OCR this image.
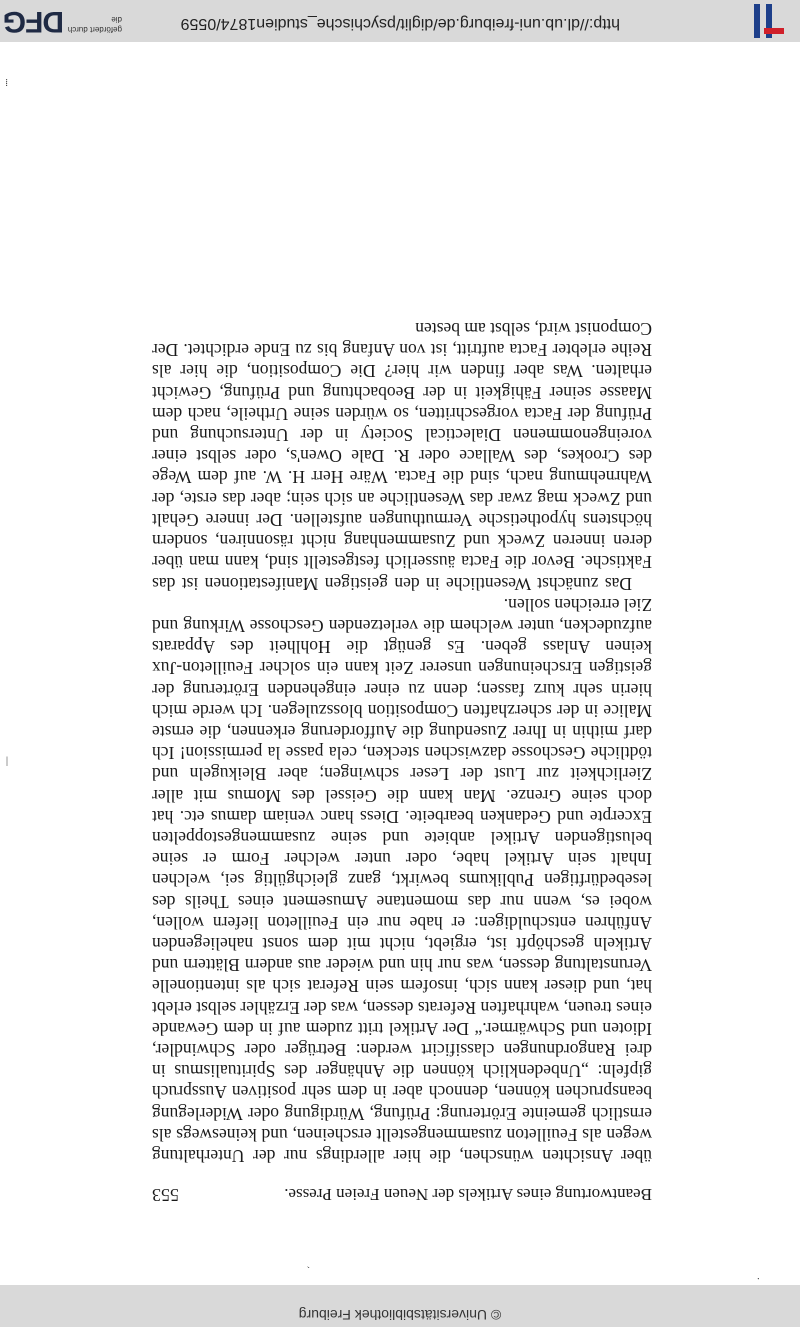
© Universitätsbibliothek Freiburg
Beantwortung eines Artikels der Neuen Freien Presse.
553

über Ansichten wünschen, die hier allerdings nur der Unterhaltung wegen als Feuilleton zusammengestellt erscheinen, und keineswegs als ernstlich gemeinte Erörterung: Prüfung, Würdigung oder Widerlegung beanspruchen können, dennoch aber in dem sehr positiven Ausspruch gipfeln: „Unbedenklich können die Anhänger des Spiritualismus in drei Rangordnungen classificirt werden: Betrüger oder Schwindler, Idioten und Schwärmer.“ Der Artikel tritt zudem auf in dem Gewande eines treuen, wahrhaften Referats dessen, was der Erzähler selbst erlebt hat, und dieser kann sich, insofern sein Referat sich als intentionelle Verunstaltung dessen, was nur hin und wieder aus andern Blättern und Artikeln geschöpft ist, ergiebt, nicht mit dem sonst naheliegenden Anführen entschuldigen: er habe nur ein Feuilleton liefern wollen, wobei es, wenn nur das momentane Amusement eines Theils des lesebedürftigen Publikums bewirkt, ganz gleichgültig sei, welchen Inhalt sein Artikel habe, oder unter welcher Form er seine belustigenden Artikel anbiete und seine zusammengestoppelten Excerpte und Gedanken bearbeite. Diess hanc veniam damus etc. hat doch seine Grenze. Man kann die Geissel des Momus mit aller Zierlichkeit zur Lust der Leser schwingen; aber Bleikugeln und tödtliche Geschosse dazwischen stecken, cela passe la permission! Ich darf mithin in Ihrer Zusendung die Aufforderung erkennen, die ernste Malice in der scherzhaften Composition blosszulegen. Ich werde mich hierin sehr kurz fassen; denn zu einer eingehenden Erörterung der geistigen Erscheinungen unserer Zeit kann ein solcher Feuilleton-Jux keinen Anlass geben. Es genügt die Hohlheit des Apparats aufzudecken, unter welchem die verletzenden Geschosse Wirkung und Ziel erreichen sollen.

Das zunächst Wesentliche in den geistigen Manifestationen ist das Faktische. Bevor die Facta äusserlich festgestellt sind, kann man über deren inneren Zweck und Zusammenhang nicht räsonniren, sondern höchstens hypothetische Vermuthungen aufstellen. Der innere Gehalt und Zweck mag zwar das Wesentliche an sich sein; aber das erste, der Wahrnehmung nach, sind die Facta. Wäre Herr H. W. auf dem Wege des Crookes, des Wallace oder R. Dale Owen's, oder selbst einer voreingenommenen Dialectical Society in der Untersuchung und Prüfung der Facta vorgeschritten, so würden seine Urtheile, nach dem Maasse seiner Fähigkeit in der Beobachtung und Prüfung, Gewicht erhalten. Was aber finden wir hier? Die Composition, die hier als Reihe erlebter Facta auftritt, ist von Anfang bis zu Ende erdichtet. Der Componist wird, selbst am besten

·
ˏ
|
⁞
http://dl.ub.uni-freiburg.de/diglit/psychische_studien1874/0559
gefördert durch die
DFG
